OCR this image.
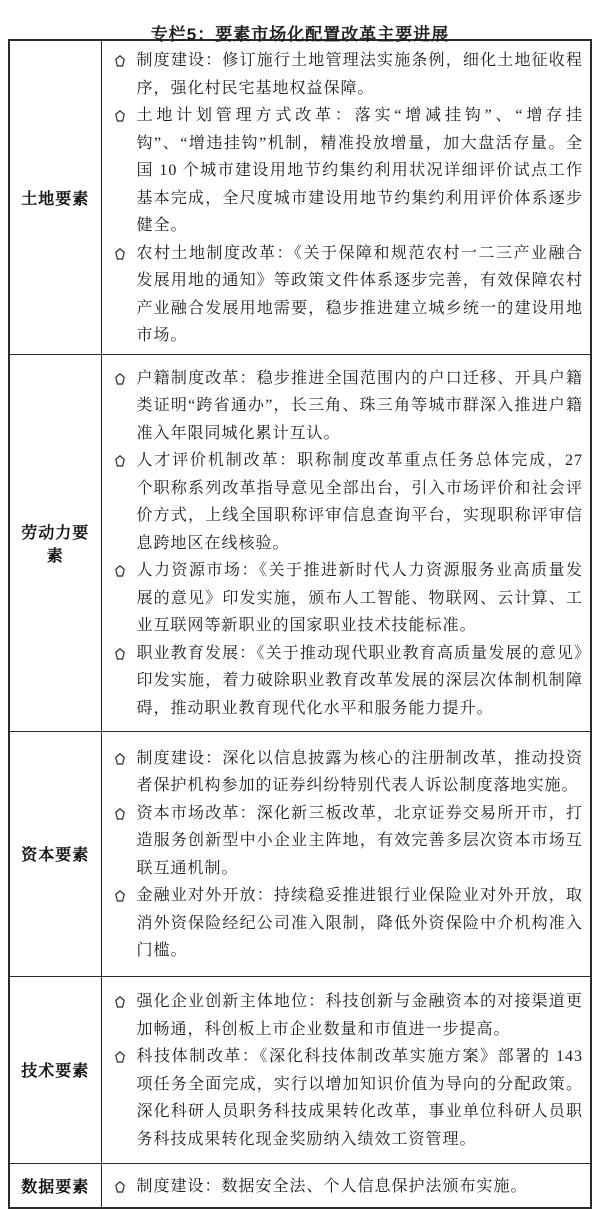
专栏5：要素市场化配置改革主要进展
土地要素	制度建设：修订施行土地管理法实施条例，细化土地征收程序，强化村民宅基地权益保障。
土地计划管理方式改革：落实“增减挂钩”、“增存挂钩”、“增违挂钩”机制，精准投放增量，加大盘活存量。全国 10 个城市建设用地节约集约利用状况详细评价试点工作基本完成，全尺度城市建设用地节约集约利用评价体系逐步健全。
农村土地制度改革：《关于保障和规范农村一二三产业融合发展用地的通知》等政策文件体系逐步完善，有效保障农村产业融合发展用地需要，稳步推进建立城乡统一的建设用地市场。

劳动力要素	户籍制度改革：稳步推进全国范围内的户口迁移、开具户籍类证明“跨省通办”，长三角、珠三角等城市群深入推进户籍准入年限同城化累计互认。
人才评价机制改革：职称制度改革重点任务总体完成，27 个职称系列改革指导意见全部出台，引入市场评价和社会评价方式，上线全国职称评审信息查询平台，实现职称评审信息跨地区在线核验。
人力资源市场：《关于推进新时代人力资源服务业高质量发展的意见》印发实施，颁布人工智能、物联网、云计算、工业互联网等新职业的国家职业技术技能标准。
职业教育发展：《关于推动现代职业教育高质量发展的意见》印发实施，着力破除职业教育改革发展的深层次体制机制障碍，推动职业教育现代化水平和服务能力提升。

资本要素	制度建设：深化以信息披露为核心的注册制改革，推动投资者保护机构参加的证券纠纷特别代表人诉讼制度落地实施。
资本市场改革：深化新三板改革，北京证券交易所开市，打造服务创新型中小企业主阵地，有效完善多层次资本市场互联互通机制。
金融业对外开放：持续稳妥推进银行业保险业对外开放，取消外资保险经纪公司准入限制，降低外资保险中介机构准入门槛。

技术要素	强化企业创新主体地位：科技创新与金融资本的对接渠道更加畅通，科创板上市企业数量和市值进一步提高。
科技体制改革：《深化科技体制改革实施方案》部署的 143 项任务全面完成，实行以增加知识价值为导向的分配政策。深化科研人员职务科技成果转化改革，事业单位科研人员职务科技成果转化现金奖励纳入绩效工资管理。

数据要素	制度建设：数据安全法、个人信息保护法颁布实施。
